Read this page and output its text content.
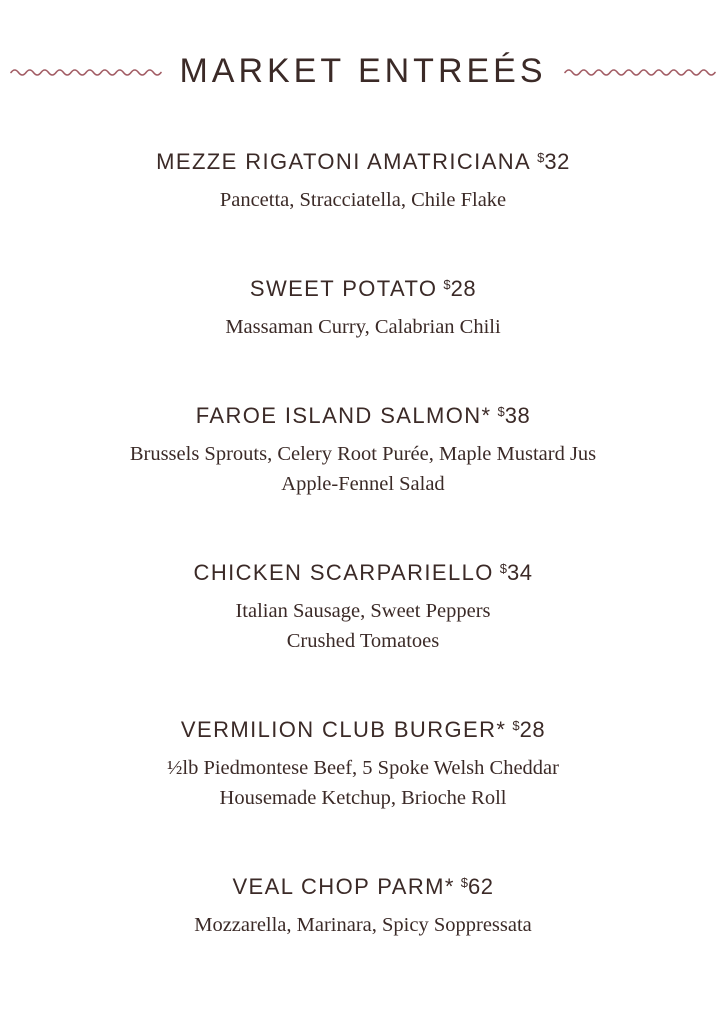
MARKET ENTREÉS
MEZZE RIGATONI AMATRICIANA $32
Pancetta, Stracciatella, Chile Flake
SWEET POTATO $28
Massaman Curry, Calabrian Chili
FAROE ISLAND SALMON* $38
Brussels Sprouts, Celery Root Purée, Maple Mustard Jus
Apple-Fennel Salad
CHICKEN SCARPARIELLO $34
Italian Sausage, Sweet Peppers
Crushed Tomatoes
VERMILION CLUB BURGER* $28
½lb Piedmontese Beef, 5 Spoke Welsh Cheddar
Housemade Ketchup, Brioche Roll
VEAL CHOP PARM* $62
Mozzarella, Marinara, Spicy Soppressata
